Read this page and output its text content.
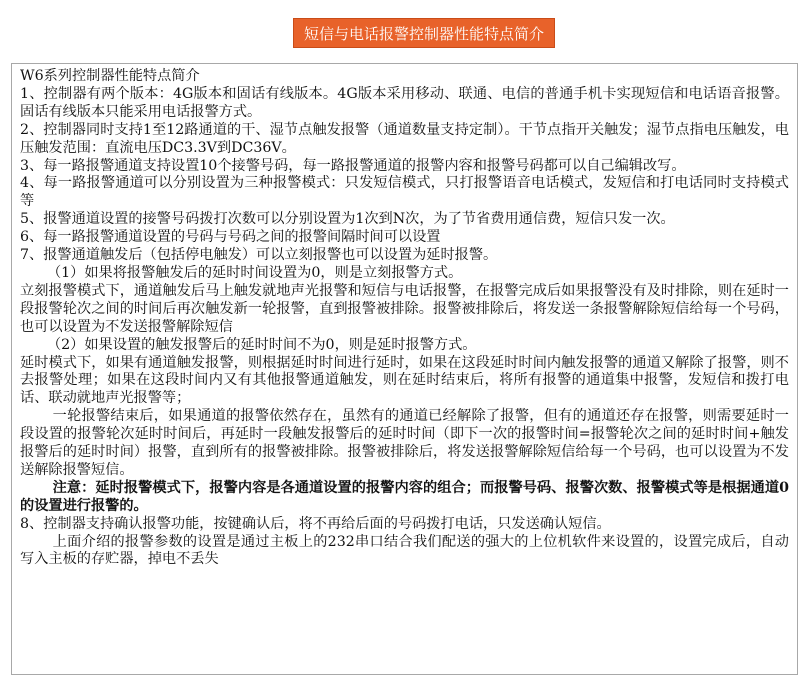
短信与电话报警控制器性能特点简介

W6系列控制器性能特点简介

1、控制器有两个版本：4G版本和固话有线版本。4G版本采用移动、联通、电信的普通手机卡实现短信和电话语音报警。固话有线版本只能采用电话报警方式。

2、控制器同时支持1至12路通道的干、湿节点触发报警（通道数量支持定制）。干节点指开关触发；湿节点指电压触发，电压触发范围：直流电压DC3.3V到DC36V。

3、每一路报警通道支持设置10个接警号码，每一路报警通道的报警内容和报警号码都可以自己编辑改写。

4、每一路报警通道可以分别设置为三种报警模式：只发短信模式，只打报警语音电话模式，发短信和打电话同时支持模式等

5、报警通道设置的接警号码拨打次数可以分别设置为1次到N次，为了节省费用通信费，短信只发一次。

6、每一路报警通道设置的号码与号码之间的报警间隔时间可以设置

7、报警通道触发后（包括停电触发）可以立刻报警也可以设置为延时报警。

（1）如果将报警触发后的延时时间设置为0，则是立刻报警方式。

立刻报警模式下，通道触发后马上触发就地声光报警和短信与电话报警，在报警完成后如果报警没有及时排除，则在延时一段报警轮次之间的时间后再次触发新一轮报警，直到报警被排除。报警被排除后，将发送一条报警解除短信给每一个号码，也可以设置为不发送报警解除短信

（2）如果设置的触发报警后的延时时间不为0，则是延时报警方式。

延时模式下，如果有通道触发报警，则根据延时时间进行延时，如果在这段延时时间内触发报警的通道又解除了报警，则不去报警处理；如果在这段时间内又有其他报警通道触发，则在延时结束后，将所有报警的通道集中报警，发短信和拨打电话、联动就地声光报警等；

一轮报警结束后，如果通道的报警依然存在，虽然有的通道已经解除了报警，但有的通道还存在报警，则需要延时一段设置的报警轮次延时时间后，再延时一段触发报警后的延时时间（即下一次的报警时间=报警轮次之间的延时时间+触发报警后的延时时间）报警，直到所有的报警被排除。报警被排除后，将发送报警解除短信给每一个号码，也可以设置为不发送解除报警短信。

注意：延时报警模式下，报警内容是各通道设置的报警内容的组合；而报警号码、报警次数、报警模式等是根据通道0的设置进行报警的。

8、控制器支持确认报警功能，按键确认后，将不再给后面的号码拨打电话，只发送确认短信。

上面介绍的报警参数的设置是通过主板上的232串口结合我们配送的强大的上位机软件来设置的，设置完成后，自动写入主板的存贮器，掉电不丢失
